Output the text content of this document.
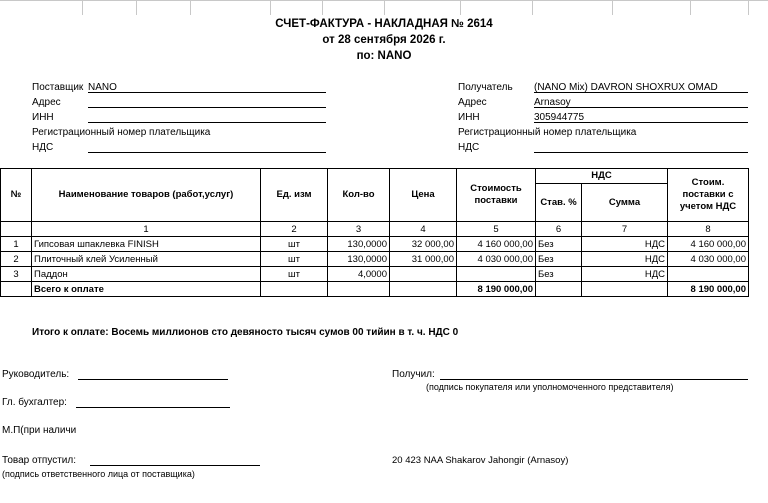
СЧЕТ-ФАКТУРА - НАКЛАДНАЯ № 2614
от 28 сентября 2026 г.
по: NANO
Поставщик NANO
Адрес
ИНН
Регистрационный номер плательщика
НДС
Получатель (NANO Mix) DAVRON SHOXRUX OMAD
Адрес	Arnasoy
ИНН	305944775
Регистрационный номер плательщика
НДС
№	Наименование товаров (работ,услуг)	Ед. изм	Кол-во	Цена	Стоимость поставки	НДС		Стоим. поставки с учетом НДС
						Став. %	Сумма	
	1	2	3	4	5	6	7	8
1	Гипсовая шпаклевка FINISH	шт	130,0000	32 000,00	4 160 000,00	Без	НДС	4 160 000,00
2	Плиточный клей Усиленный	шт	130,0000	31 000,00	4 030 000,00	Без	НДС	4 030 000,00
3	Паддон	шт	4,0000			Без	НДС	
	Всего к оплате				8 190 000,00			8 190 000,00
Итого к оплате: Восемь миллионов сто девяносто тысяч сумов 00 тийин в т. ч. НДС 0
Руководитель:
Гл. бухгалтер:
М.П(при наличи
Товар отпустил:
(подпись ответственного лица от поставщика)
Получил:
(подпись покупателя или уполномоченного представителя)
20 423 NAA Shakarov Jahongir (Arnasoy)
